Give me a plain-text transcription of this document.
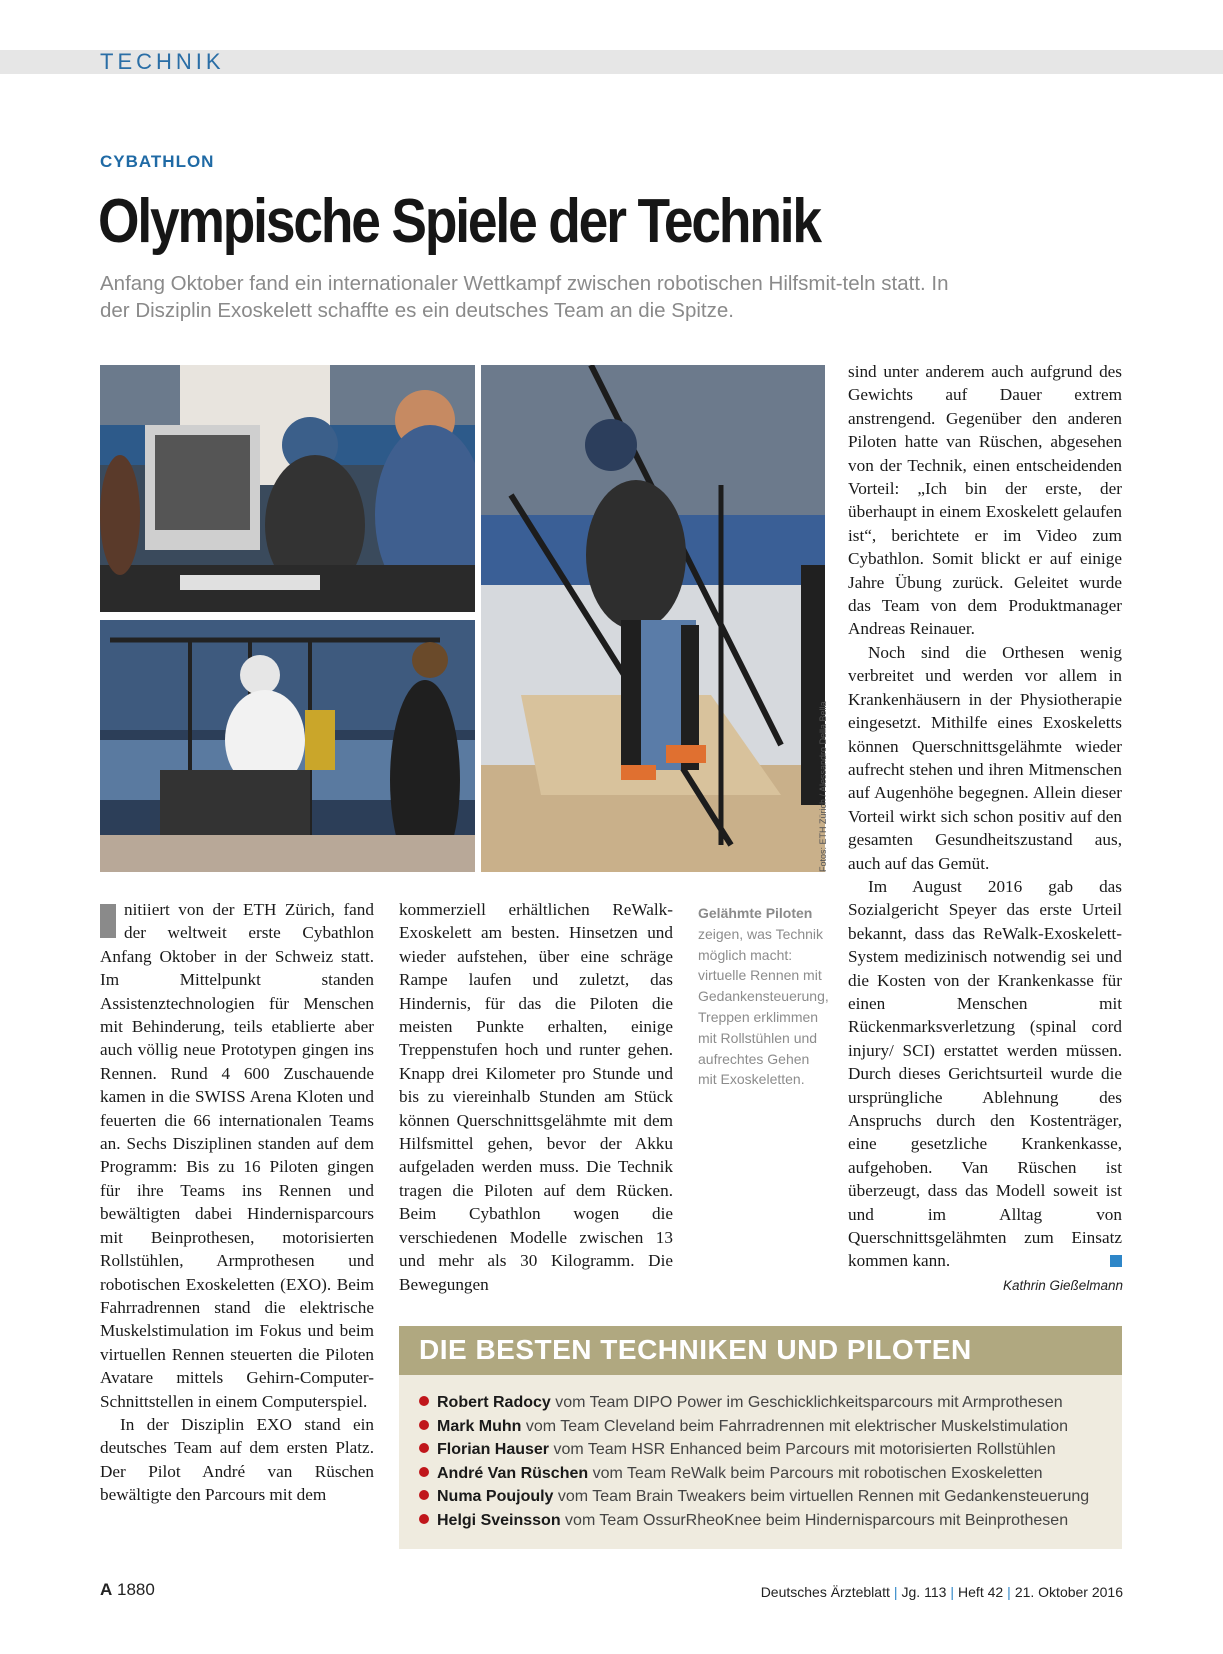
TECHNIK
CYBATHLON
Olympische Spiele der Technik

Anfang Oktober fand ein internationaler Wettkampf zwischen robotischen Hilfsmit-teln statt. In der Disziplin Exoskelett schaffte es ein deutsches Team an die Spitze.

Fotos: ETH Zürich / Alessandro Della Bella

nitiiert von der ETH Zürich, fand der weltweit erste Cybathlon Anfang Oktober in der Schweiz statt. Im Mittelpunkt standen Assistenztechnologien für Menschen mit Behinderung, teils etablierte aber auch völlig neue Prototypen gingen ins Rennen. Rund 4 600 Zuschauende kamen in die SWISS Arena Kloten und feuerten die 66 internationalen Teams an. Sechs Disziplinen standen auf dem Programm: Bis zu 16 Piloten gingen für ihre Teams ins Rennen und bewältigten dabei Hindernisparcours mit Beinprothesen, motorisierten Rollstühlen, Armprothesen und robotischen Exoskeletten (EXO). Beim Fahrradrennen stand die elektrische Muskelstimulation im Fokus und beim virtuellen Rennen steuerten die Piloten Avatare mittels Gehirn-Computer-Schnittstellen in einem Computerspiel.

In der Disziplin EXO stand ein deutsches Team auf dem ersten Platz. Der Pilot André van Rüschen bewältigte den Parcours mit dem

kommerziell erhältlichen ReWalk-Exoskelett am besten. Hinsetzen und wieder aufstehen, über eine schräge Rampe laufen und zuletzt, das Hindernis, für das die Piloten die meisten Punkte erhalten, einige Treppenstufen hoch und runter gehen. Knapp drei Kilometer pro Stunde und bis zu viereinhalb Stunden am Stück können Querschnittsgelähmte mit dem Hilfsmittel gehen, bevor der Akku aufgeladen werden muss. Die Technik tragen die Piloten auf dem Rücken. Beim Cybathlon wogen die verschiedenen Modelle zwischen 13 und mehr als 30 Kilogramm. Die Bewegungen

Gelähmte Piloten
zeigen, was Technik möglich macht: virtuelle Rennen mit Gedankensteuerung, Treppen erklimmen mit Rollstühlen und aufrechtes Gehen mit Exoskeletten.

sind unter anderem auch aufgrund des Gewichts auf Dauer extrem anstrengend. Gegenüber den anderen Piloten hatte van Rüschen, abgesehen von der Technik, einen entscheidenden Vorteil: „Ich bin der erste, der überhaupt in einem Exoskelett gelaufen ist“, berichtete er im Video zum Cybathlon. Somit blickt er auf einige Jahre Übung zurück. Geleitet wurde das Team von dem Produktmanager Andreas Reinauer.

Noch sind die Orthesen wenig verbreitet und werden vor allem in Krankenhäusern in der Physiotherapie eingesetzt. Mithilfe eines Exoskeletts können Querschnittsgelähmte wieder aufrecht stehen und ihren Mitmenschen auf Augenhöhe begegnen. Allein dieser Vorteil wirkt sich schon positiv auf den gesamten Gesundheitszustand aus, auch auf das Gemüt.

Im August 2016 gab das Sozialgericht Speyer das erste Urteil bekannt, dass das ReWalk-Exoskelett-System medizinisch notwendig sei und die Kosten von der Krankenkasse für einen Menschen mit Rückenmarksverletzung (spinal cord injury/ SCI) erstattet werden müssen. Durch dieses Gerichtsurteil wurde die ursprüngliche Ablehnung des Anspruchs durch den Kostenträger, eine gesetzliche Krankenkasse, aufgehoben. Van Rüschen ist überzeugt, dass das Modell soweit ist und im Alltag von Querschnittsgelähmten zum Einsatz kommen kann.

Kathrin Gießelmann
DIE BESTEN TECHNIKEN UND PILOTEN
Robert Radocy vom Team DIPO Power im Geschicklichkeitsparcours mit Armprothesen
Mark Muhn vom Team Cleveland beim Fahrradrennen mit elektrischer Muskelstimulation
Florian Hauser vom Team HSR Enhanced beim Parcours mit motorisierten Rollstühlen
André Van Rüschen vom Team ReWalk beim Parcours mit robotischen Exoskeletten
Numa Poujouly vom Team Brain Tweakers beim virtuellen Rennen mit Gedankensteuerung
Helgi Sveinsson vom Team OssurRheoKnee beim Hindernisparcours mit Beinprothesen
A 1880	Deutsches Ärzteblatt | Jg. 113 | Heft 42 | 21. Oktober 2016
